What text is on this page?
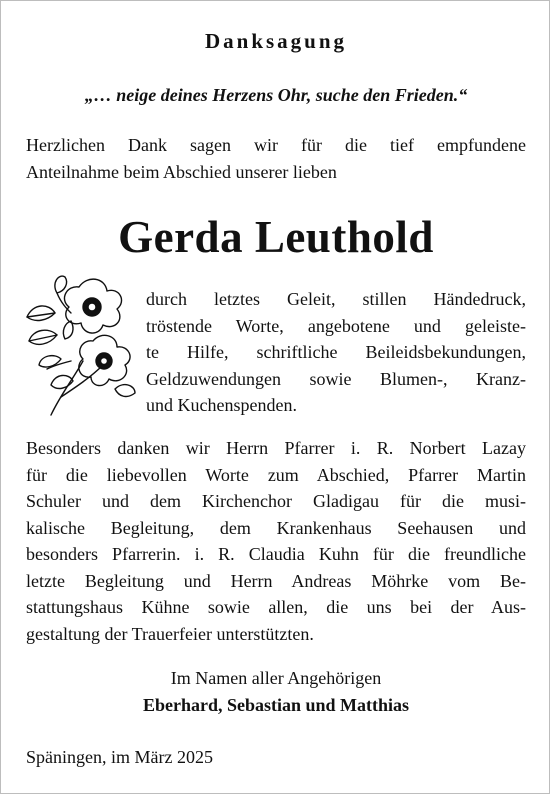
Danksagung
„… neige deines Herzens Ohr, suche den Frieden.“
Herzlichen Dank sagen wir für die tief empfundene
Anteilnahme beim Abschied unserer lieben
Gerda Leuthold
durch letztes Geleit, stillen Händedruck,
tröstende Worte, angebotene und geleiste-
te Hilfe, schriftliche Beileidsbekundungen,
Geldzuwendungen sowie Blumen-, Kranz-
und Kuchenspenden.
Besonders danken wir Herrn Pfarrer i. R. Norbert Lazay
für die liebevollen Worte zum Abschied, Pfarrer Martin
Schuler und dem Kirchenchor Gladigau für die musi-
kalische Begleitung, dem Krankenhaus Seehausen und
besonders Pfarrerin. i. R. Claudia Kuhn für die freundliche
letzte Begleitung und Herrn Andreas Möhrke vom Be-
stattungshaus Kühne sowie allen, die uns bei der Aus-
gestaltung der Trauerfeier unterstützten.
Im Namen aller Angehörigen
Eberhard, Sebastian und Matthias
Späningen, im März 2025
